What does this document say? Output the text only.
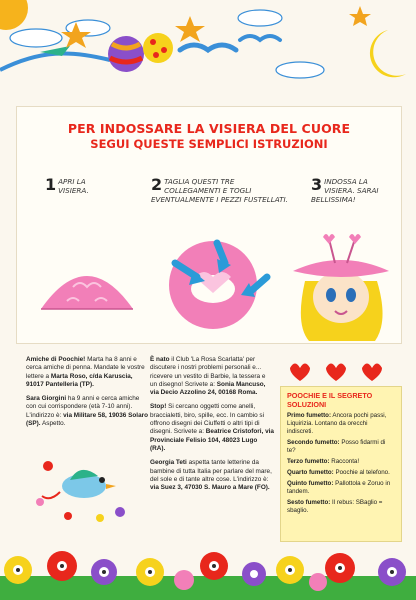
PER INDOSSARE LA VISIERA DEL CUORE
SEGUI QUESTE SEMPLICI ISTRUZIONI
1 APRI LA VISIERA.	2 TAGLIA QUESTI TRE COLLEGAMENTI E TOGLI EVENTUALMENTE I PEZZI FUSTELLATI.
3 INDOSSA LA VISIERA. SARAI BELLISSIMA!

Amiche di Poochie! Marta ha 8 anni e cerca amiche di penna. Mandate le vostre lettere a Marta Roso, c/da Karuscia, 91017 Pantelleria (TP).

Sara Giorgini ha 9 anni e cerca amiche con cui corrispondere (età 7-10 anni). L'indirizzo è: via Militare 58, 19036 Solaro (SP). Aspetto.

È nato il Club 'La Rosa Scarlatta' per discutere i nostri problemi personali e... ricevere un vestito di Barbie, la tessera e un disegno! Scrivete a: Sonia Mancuso, via Decio Azzolino 24, 00168 Roma.

Stop! Si cercano oggetti come anelli, braccialetti, biro, spille, ecc. In cambio si offrono disegni dei Ciuffetti o altri tipi di disegni. Scrivete a: Beatrice Cristofori, via Provinciale Felisio 104, 48023 Lugo (RA).

Georgia Teti aspetta tante letterine da bambine di tutta Italia per parlare del mare, del sole e di tante altre cose. L'indirizzo è: via Suez 3, 47030 S. Mauro a Mare (FO).

POOCHIE E IL SEGRETO
SOLUZIONI

Primo fumetto: Ancora pochi passi, Liquirizia. Lontano da orecchi indiscreti.

Secondo fumetto: Posso fidarmi di te?

Terzo fumetto: Racconta!

Quarto fumetto: Poochie al telefono.

Quinto fumetto: Pallottola e Zoruo in tandem.

Sesto fumetto: Il rebus: SBaglio = sbaglio.
